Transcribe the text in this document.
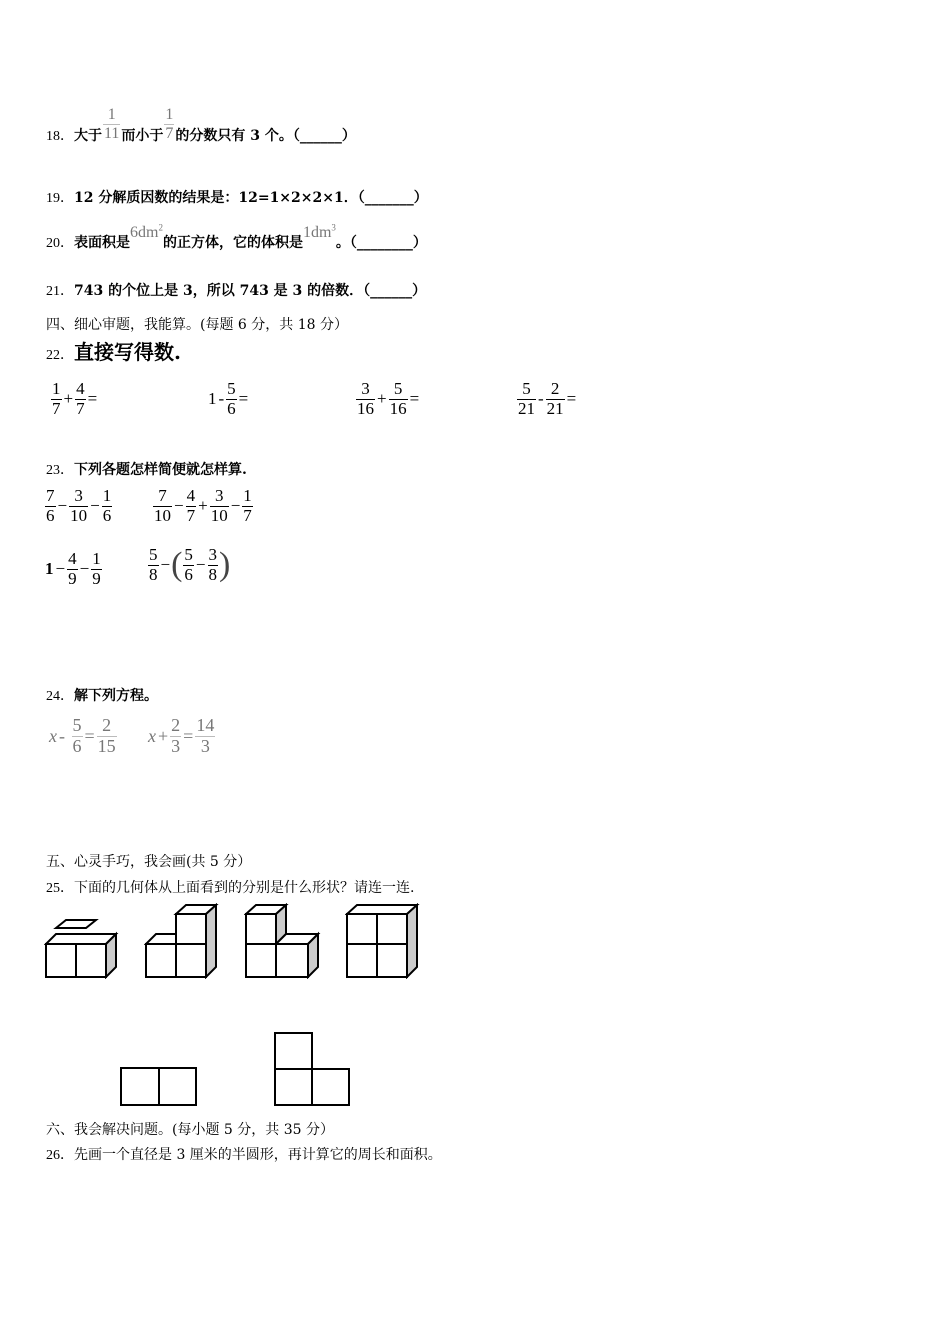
18．大于 $\frac{1}{11}$ 而小于 $\frac{1}{7}$ 的分数只有 3 个。（______）
19．12 分解质因数的结果是：12=1×2×2×1．（_______）
20．表面积是$6dm^2$的正方体，它的体积是$1dm^3$。（________）
21．743 的个位上是 3，所以 743 是 3 的倍数．（______）
四、细心审题，我能算。(每题 6 分，共 18 分）
22．直接写得数.
$\frac{1}{7} + \frac{4}{7}$ =	$1 - \frac{5}{6}$ =	$\frac{3}{16} + \frac{5}{16}$ =	$\frac{5}{21} - \frac{2}{21}$ =
23．下列各题怎样简便就怎样算.
$\frac{7}{6} - \frac{3}{10} - \frac{1}{6} \frac{7}{10} - \frac{4}{7} + \frac{3}{10} - \frac{1}{7}$
$1 - \frac{4}{9} - \frac{1}{9}$	$\frac{5}{8}$ −( $\frac{5}{6} - \frac{3}{8}$ )
24．解下列方程。
$x - \frac{5}{6} = \frac{2}{15}$ $x + \frac{2}{3} = \frac{14}{3}$
五、心灵手巧，我会画(共 5 分）
25．下面的几何体从上面看到的分别是什么形状？请连一连.
六、我会解决问题。(每小题 5 分，共 35 分）
26．先画一个直径是 3 厘米的半圆形，再计算它的周长和面积。
